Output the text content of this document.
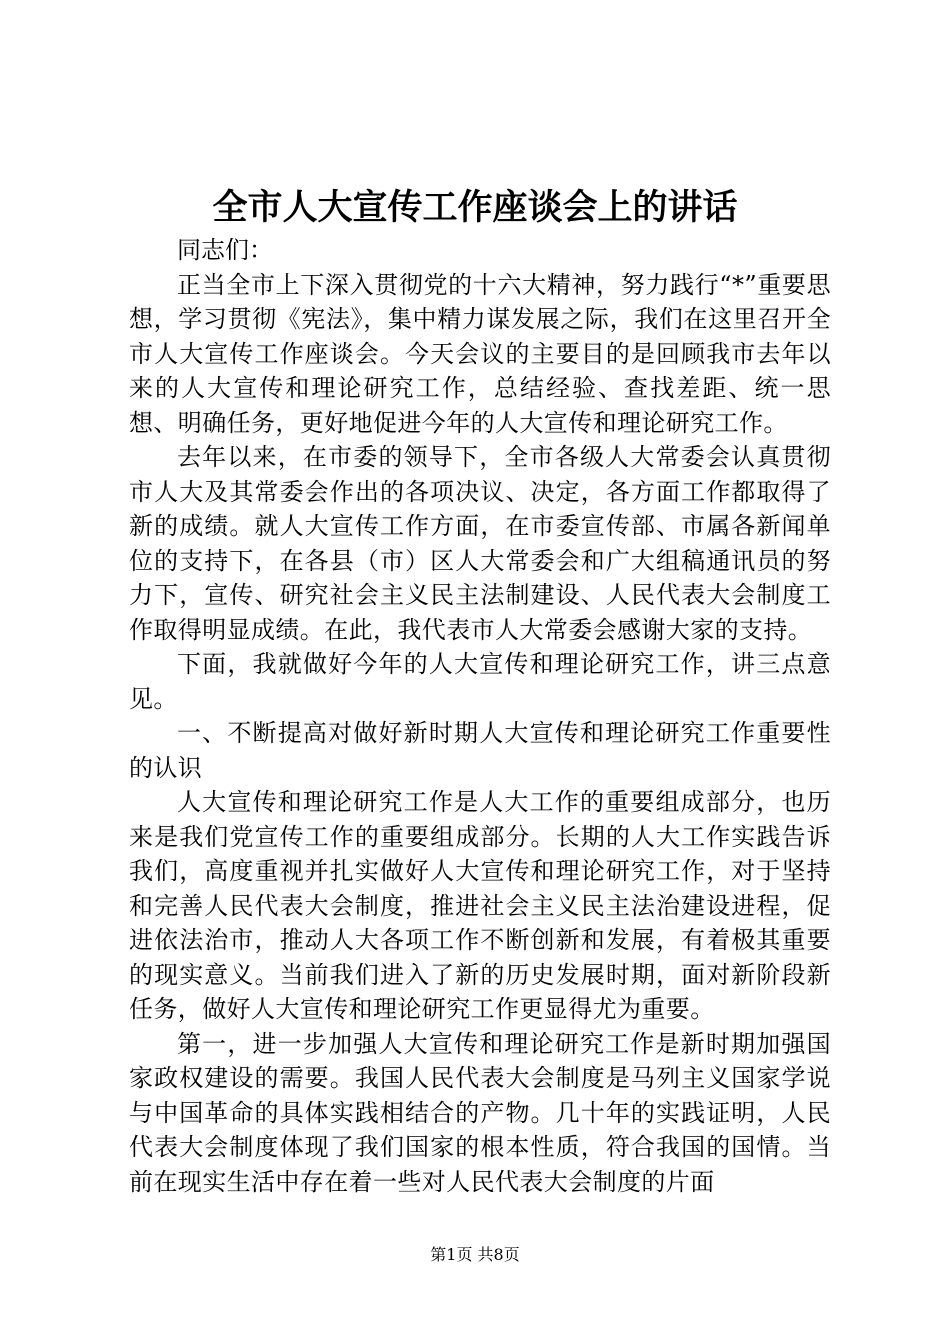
全市人大宣传工作座谈会上的讲话

同志们：

正当全市上下深入贯彻党的十六大精神，努力践行“*”重要思想，学习贯彻《宪法》，集中精力谋发展之际，我们在这里召开全市人大宣传工作座谈会。今天会议的主要目的是回顾我市去年以来的人大宣传和理论研究工作，总结经验、查找差距、统一思想、明确任务，更好地促进今年的人大宣传和理论研究工作。

去年以来，在市委的领导下，全市各级人大常委会认真贯彻市人大及其常委会作出的各项决议、决定，各方面工作都取得了新的成绩。就人大宣传工作方面，在市委宣传部、市属各新闻单位的支持下，在各县（市）区人大常委会和广大组稿通讯员的努力下，宣传、研究社会主义民主法制建设、人民代表大会制度工作取得明显成绩。在此，我代表市人大常委会感谢大家的支持。

下面，我就做好今年的人大宣传和理论研究工作，讲三点意见。

一、不断提高对做好新时期人大宣传和理论研究工作重要性的认识

人大宣传和理论研究工作是人大工作的重要组成部分，也历来是我们党宣传工作的重要组成部分。长期的人大工作实践告诉我们，高度重视并扎实做好人大宣传和理论研究工作，对于坚持和完善人民代表大会制度，推进社会主义民主法治建设进程，促进依法治市，推动人大各项工作不断创新和发展，有着极其重要的现实意义。当前我们进入了新的历史发展时期，面对新阶段新任务，做好人大宣传和理论研究工作更显得尤为重要。

第一，进一步加强人大宣传和理论研究工作是新时期加强国家政权建设的需要。我国人民代表大会制度是马列主义国家学说与中国革命的具体实践相结合的产物。几十年的实践证明，人民代表大会制度体现了我们国家的根本性质，符合我国的国情。当前在现实生活中存在着一些对人民代表大会制度的片面

第1页 共8页
